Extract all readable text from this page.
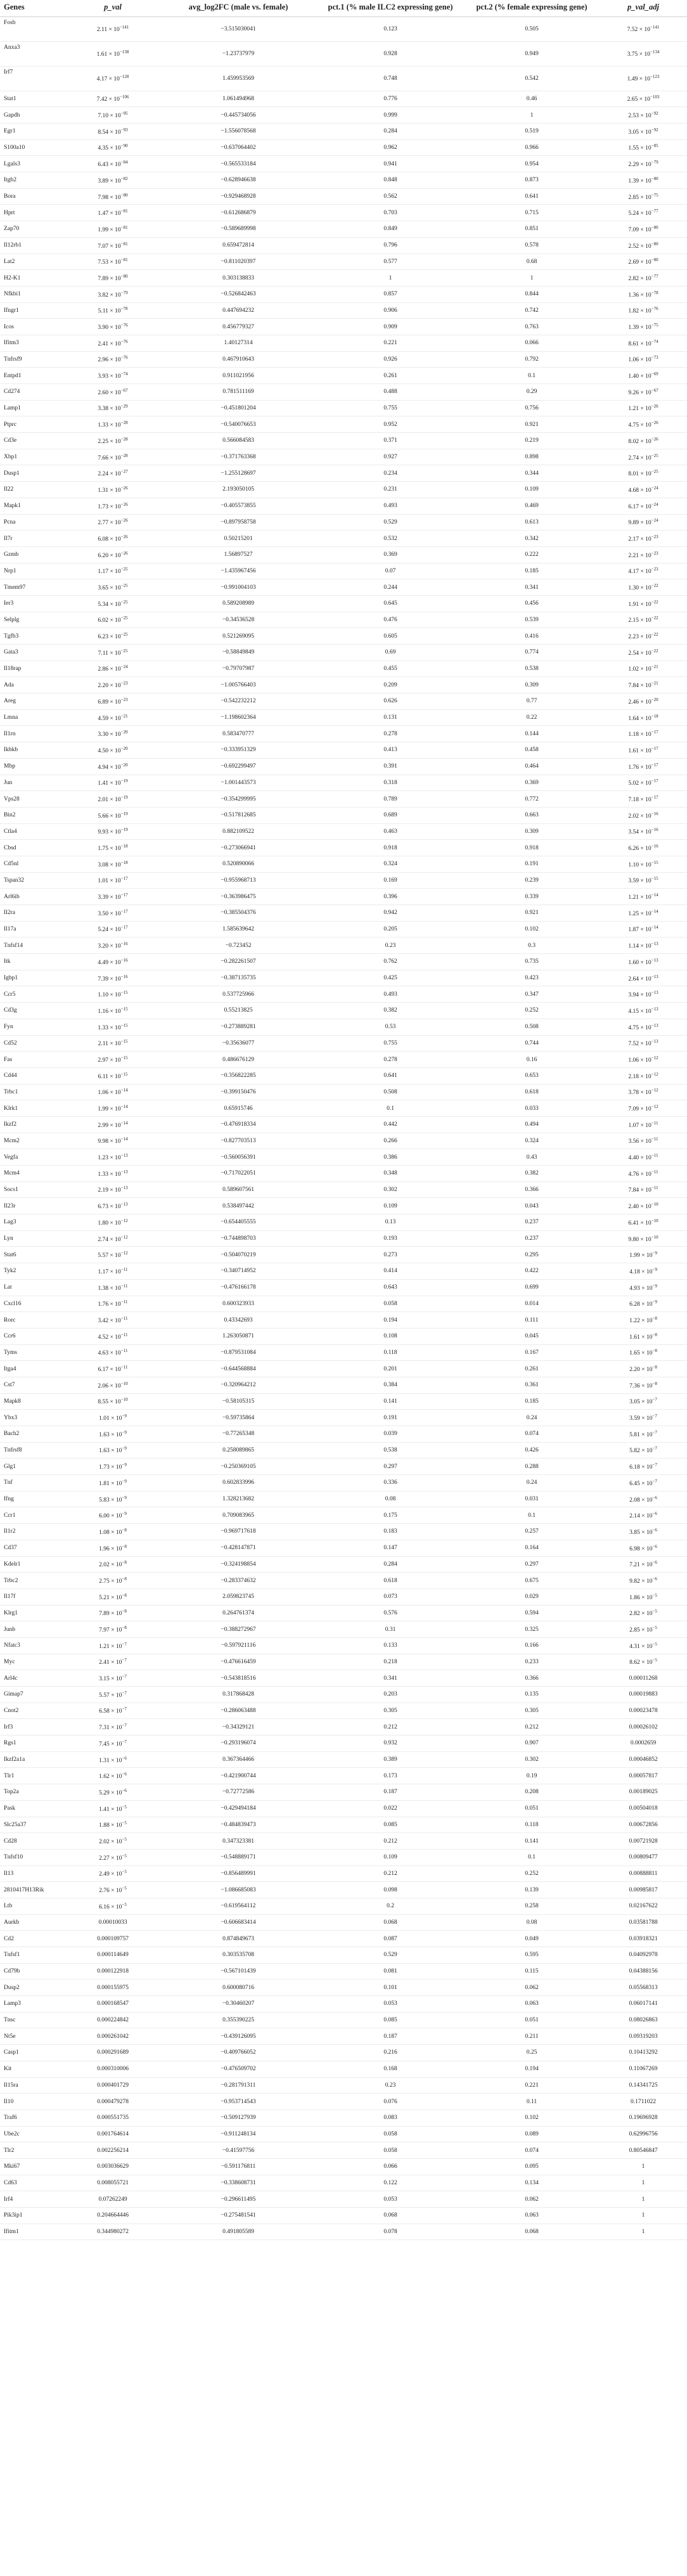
Genes	p_val	avg_log2FC (male vs. female)	pct.1 (% male ILC2 expressing gene)	pct.2 (% female expressing gene)	p_val_adj
Fosb	$2.11 \times 10^{-141}$	−3.515030041	0.123	0.505	$7.52 \times 10^{-141}$
Anxa3	$1.61 \times 10^{-138}$	−1.23737979	0.928	0.949	$3.75 \times 10^{-134}$
Irf7	$4.17 \times 10^{-128}$	1.459953569	0.748	0.542	$1.49 \times 10^{-123}$
Stat1	$7.42 \times 10^{-106}$	1.061494968	0.776	0.46	$2.65 \times 10^{-103}$
Gapdh	$7.10 \times 10^{-95}$	−0.445734056	0.999	1	$2.53 \times 10^{-92}$
Egr1	$8.54 \times 10^{-93}$	−1.556078568	0.284	0.519	$3.05 \times 10^{-92}$
S100a10	$4.35 \times 10^{-90}$	−0.637064402	0.962	0.966	$1.55 \times 10^{-85}$
Lgals3	$6.43 \times 10^{-84}$	−0.565533184	0.941	0.954	$2.29 \times 10^{-79}$
Itgb2	$3.89 \times 10^{-82}$	−0.628946638	0.848	0.873	$1.39 \times 10^{-80}$
Bora	$7.98 \times 10^{-80}$	−0.929468928	0.562	0.641	$2.85 \times 10^{-75}$
Hprt	$1.47 \times 10^{-81}$	−0.612686879	0.703	0.715	$5.24 \times 10^{-77}$
Zap70	$1.99 \times 10^{-81}$	−0.589689998	0.849	0.851	$7.09 \times 10^{-80}$
Il12rb1	$7.07 \times 10^{-81}$	0.659472814	0.796	0.578	$2.52 \times 10^{-80}$
Lat2	$7.53 \times 10^{-81}$	−0.811020397	0.577	0.68	$2.69 \times 10^{-80}$
H2-K1	$7.89 \times 10^{-80}$	0.303138833	1	1	$2.82 \times 10^{-77}$
Nfkbi1	$3.82 \times 10^{-79}$	−0.526842463	0.857	0.844	$1.36 \times 10^{-78}$
Ifngr1	$5.11 \times 10^{-78}$	0.447694232	0.906	0.742	$1.82 \times 10^{-76}$
Icos	$3.90 \times 10^{-76}$	0.456779327	0.909	0.763	$1.39 \times 10^{-75}$
Ifitm3	$2.41 \times 10^{-76}$	1.40127314	0.221	0.066	$8.61 \times 10^{-74}$
Tnfrsf9	$2.96 \times 10^{-76}$	0.467910643	0.926	0.792	$1.06 \times 10^{-73}$
Entpd1	$3.93 \times 10^{-74}$	0.911021956	0.261	0.1	$1.40 \times 10^{-69}$
Cd274	$2.60 \times 10^{-67}$	0.781511169	0.488	0.29	$9.26 \times 10^{-67}$
Lamp1	$3.38 \times 10^{-29}$	−0.451801204	0.755	0.756	$1.21 \times 10^{-26}$
Ptprc	$1.33 \times 10^{-28}$	−0.540076653	0.952	0.921	$4.75 \times 10^{-26}$
Cd3e	$2.25 \times 10^{-28}$	0.566084583	0.371	0.219	$8.02 \times 10^{-26}$
Xbp1	$7.66 \times 10^{-28}$	−0.371763368	0.927	0.898	$2.74 \times 10^{-25}$
Dusp1	$2.24 \times 10^{-27}$	−1.255128697	0.234	0.344	$8.01 \times 10^{-25}$
Il22	$1.31 \times 10^{-26}$	2.193050105	0.231	0.109	$4.68 \times 10^{-24}$
Mapk1	$1.73 \times 10^{-26}$	−0.405573855	0.493	0.469	$6.17 \times 10^{-24}$
Pcna	$2.77 \times 10^{-26}$	−0.897958758	0.529	0.613	$9.89 \times 10^{-24}$
Il7r	$6.08 \times 10^{-26}$	0.50215201	0.532	0.342	$2.17 \times 10^{-23}$
Gzmb	$6.20 \times 10^{-26}$	1.56897527	0.369	0.222	$2.21 \times 10^{-23}$
Nrp1	$1.17 \times 10^{-25}$	−1.435967456	0.07	0.185	$4.17 \times 10^{-23}$
Tmem97	$3.65 \times 10^{-25}$	−0.991004103	0.244	0.341	$1.30 \times 10^{-22}$
Ier3	$5.34 \times 10^{-25}$	0.589208989	0.645	0.456	$1.91 \times 10^{-22}$
Selplg	$6.02 \times 10^{-25}$	−0.34536528	0.476	0.539	$2.15 \times 10^{-22}$
Tgfb3	$6.23 \times 10^{-25}$	0.521269095	0.605	0.416	$2.23 \times 10^{-22}$
Gata3	$7.11 \times 10^{-25}$	−0.58849849	0.69	0.774	$2.54 \times 10^{-22}$
Il18rap	$2.86 \times 10^{-24}$	−0.79707987	0.455	0.538	$1.02 \times 10^{-21}$
Ada	$2.20 \times 10^{-23}$	−1.005766403	0.209	0.309	$7.84 \times 10^{-21}$
Areg	$6.89 \times 10^{-23}$	−0.542232212	0.626	0.77	$2.46 \times 10^{-20}$
Lmna	$4.59 \times 10^{-21}$	−1.198602364	0.131	0.22	$1.64 \times 10^{-18}$
Il1rn	$3.30 \times 10^{-20}$	0.583470777	0.278	0.144	$1.18 \times 10^{-17}$
Ikbkb	$4.50 \times 10^{-20}$	−0.333951329	0.413	0.458	$1.61 \times 10^{-17}$
Mbp	$4.94 \times 10^{-20}$	−0.692299497	0.391	0.464	$1.76 \times 10^{-17}$
Jun	$1.41 \times 10^{-19}$	−1.001443573	0.318	0.369	$5.02 \times 10^{-17}$
Vps28	$2.01 \times 10^{-19}$	−0.354299995	0.789	0.772	$7.18 \times 10^{-17}$
Bin2	$5.66 \times 10^{-19}$	−0.517812685	0.689	0.663	$2.02 \times 10^{-16}$
Ctla4	$9.93 \times 10^{-19}$	0.882109522	0.463	0.309	$3.54 \times 10^{-16}$
Cbsd	$1.75 \times 10^{-18}$	−0.273066941	0.918	0.918	$6.26 \times 10^{-16}$
Cd5nl	$3.08 \times 10^{-18}$	0.520890066	0.324	0.191	$1.10 \times 10^{-15}$
Tspan32	$1.01 \times 10^{-17}$	−0.955968713	0.169	0.239	$3.59 \times 10^{-15}$
Arl6ib	$3.39 \times 10^{-17}$	−0.363986475	0.396	0.339	$1.21 \times 10^{-14}$
Il2ra	$3.50 \times 10^{-17}$	−0.385504376	0.942	0.921	$1.25 \times 10^{-14}$
Il17a	$5.24 \times 10^{-17}$	1.585639642	0.205	0.102	$1.87 \times 10^{-14}$
Tnfsf14	$3.20 \times 10^{-16}$	−0.723452	0.23	0.3	$1.14 \times 10^{-13}$
Itk	$4.49 \times 10^{-16}$	−0.282261507	0.762	0.735	$1.60 \times 10^{-13}$
Igbp1	$7.39 \times 10^{-16}$	−0.387135735	0.425	0.423	$2.64 \times 10^{-13}$
Ccr5	$1.10 \times 10^{-15}$	0.537725966	0.493	0.347	$3.94 \times 10^{-13}$
Cd3g	$1.16 \times 10^{-15}$	0.55213825	0.382	0.252	$4.15 \times 10^{-13}$
Fyn	$1.33 \times 10^{-15}$	−0.273889281	0.53	0.508	$4.75 \times 10^{-13}$
Cd52	$2.11 \times 10^{-15}$	−0.35636077	0.755	0.744	$7.52 \times 10^{-13}$
Fas	$2.97 \times 10^{-15}$	0.486676129	0.278	0.16	$1.06 \times 10^{-12}$
Cd44	$6.11 \times 10^{-15}$	−0.356822285	0.641	0.653	$2.18 \times 10^{-12}$
Trbc1	$1.06 \times 10^{-14}$	−0.399150476	0.508	0.618	$3.78 \times 10^{-12}$
Klrk1	$1.99 \times 10^{-14}$	0.65915746	0.1	0.033	$7.09 \times 10^{-12}$
Ikzf2	$2.99 \times 10^{-14}$	−0.476918334	0.442	0.494	$1.07 \times 10^{-11}$
Mcm2	$9.98 \times 10^{-14}$	−0.827703513	0.266	0.324	$3.56 \times 10^{-11}$
Vegfa	$1.23 \times 10^{-13}$	−0.560056391	0.386	0.43	$4.40 \times 10^{-11}$
Mcm4	$1.33 \times 10^{-13}$	−0.717022051	0.348	0.382	$4.76 \times 10^{-11}$
Socs1	$2.19 \times 10^{-13}$	0.589607561	0.302	0.366	$7.84 \times 10^{-11}$
Il23r	$6.73 \times 10^{-13}$	0.538497442	0.109	0.043	$2.40 \times 10^{-10}$
Lag3	$1.80 \times 10^{-12}$	−0.654405555	0.13	0.237	$6.41 \times 10^{-10}$
Lyn	$2.74 \times 10^{-12}$	−0.744898703	0.193	0.237	$9.80 \times 10^{-10}$
Stat6	$5.57 \times 10^{-12}$	−0.504070219	0.273	0.295	$1.99 \times 10^{-9}$
Tyk2	$1.17 \times 10^{-11}$	−0.340714952	0.414	0.422	$4.18 \times 10^{-9}$
Lat	$1.38 \times 10^{-11}$	−0.476166178	0.643	0.699	$4.93 \times 10^{-9}$
Cxcl16	$1.76 \times 10^{-11}$	0.600323933	0.058	0.014	$6.28 \times 10^{-9}$
Rorc	$3.42 \times 10^{-11}$	0.43342693	0.194	0.111	$1.22 \times 10^{-8}$
Ccr6	$4.52 \times 10^{-11}$	1.263050871	0.108	0.045	$1.61 \times 10^{-8}$
Tyms	$4.63 \times 10^{-11}$	−0.879531084	0.118	0.167	$1.65 \times 10^{-8}$
Itga4	$6.17 \times 10^{-11}$	−0.644568884	0.201	0.261	$2.20 \times 10^{-8}$
Cst7	$2.06 \times 10^{-10}$	−0.320964212	0.384	0.361	$7.36 \times 10^{-8}$
Mapk8	$8.55 \times 10^{-10}$	−0.58105315	0.141	0.185	$3.05 \times 10^{-7}$
Ybx3	$1.01 \times 10^{-9}$	−0.59735864	0.191	0.24	$3.59 \times 10^{-7}$
Bach2	$1.63 \times 10^{-9}$	−0.77265348	0.039	0.074	$5.81 \times 10^{-7}$
Tnfrsf8	$1.63 \times 10^{-9}$	0.258089865	0.538	0.426	$5.82 \times 10^{-7}$
Glg1	$1.73 \times 10^{-9}$	−0.250369105	0.297	0.288	$6.18 \times 10^{-7}$
Tnf	$1.81 \times 10^{-9}$	0.602833996	0.336	0.24	$6.45 \times 10^{-7}$
Ifng	$5.83 \times 10^{-9}$	1.328213682	0.08	0.031	$2.08 \times 10^{-6}$
Ccr1	$6.00 \times 10^{-9}$	0.709083965	0.175	0.1	$2.14 \times 10^{-6}$
Il1r2	$1.08 \times 10^{-8}$	−0.969717618	0.183	0.257	$3.85 \times 10^{-6}$
Cd37	$1.96 \times 10^{-8}$	−0.428147871	0.147	0.164	$6.98 \times 10^{-6}$
Kdelr1	$2.02 \times 10^{-8}$	−0.324198854	0.284	0.297	$7.21 \times 10^{-6}$
Trbc2	$2.75 \times 10^{-8}$	−0.283374632	0.618	0.675	$9.82 \times 10^{-6}$
Il17f	$5.21 \times 10^{-8}$	2.059823745	0.073	0.029	$1.86 \times 10^{-5}$
Klrg1	$7.89 \times 10^{-8}$	0.264761374	0.576	0.594	$2.82 \times 10^{-5}$
Junb	$7.97 \times 10^{-8}$	−0.388272967	0.31	0.325	$2.85 \times 10^{-5}$
Nfatc3	$1.21 \times 10^{-7}$	−0.597921116	0.133	0.166	$4.31 \times 10^{-5}$
Myc	$2.41 \times 10^{-7}$	−0.476616459	0.218	0.233	$8.62 \times 10^{-5}$
Arl4c	$3.15 \times 10^{-7}$	−0.543818516	0.341	0.366	0.00011268
Gimap7	$5.57 \times 10^{-7}$	0.317868428	0.203	0.135	0.00019883
Cnot2	$6.58 \times 10^{-7}$	−0.286063488	0.305	0.305	0.00023478
Irf3	$7.31 \times 10^{-7}$	−0.34329121	0.212	0.212	0.00026102
Rgs1	$7.45 \times 10^{-7}$	−0.293196074	0.932	0.907	0.0002659
Ikzf2a1a	$1.31 \times 10^{-6}$	0.367364466	0.389	0.302	0.00046852
Tlr1	$1.62 \times 10^{-6}$	−0.421900744	0.173	0.19	0.00057817
Top2a	$5.29 \times 10^{-6}$	−0.72772586	0.187	0.208	0.00189025
Pask	$1.41 \times 10^{-5}$	−0.429494184	0.022	0.051	0.00504018
Slc25a37	$1.88 \times 10^{-5}$	−0.484839473	0.085	0.118	0.00672856
Cd28	$2.02 \times 10^{-5}$	0.347323381	0.212	0.141	0.00721928
Tnfsf10	$2.27 \times 10^{-5}$	−0.548889171	0.109	0.1	0.00809477
Il13	$2.49 \times 10^{-5}$	−0.856489991	0.212	0.252	0.00888811
2810417H13Rik	$2.76 \times 10^{-5}$	−1.086685083	0.098	0.139	0.00985817
Ltb	$6.16 \times 10^{-5}$	−0.619564112	0.2	0.258	0.02167622
Aurkb	0.00010033	−0.606683414	0.068	0.08	0.03581788
Cd2	0.000109757	0.874849673	0.087	0.049	0.03918321
Tnfsf1	0.000114649	0.303535708	0.529	0.595	0.04092978
Cd79b	0.000122918	−0.567101439	0.081	0.115	0.04388156
Dusp2	0.000155975	0.600080716	0.101	0.062	0.05568313
Lamp3	0.000168547	−0.30460207	0.053	0.063	0.06017141
Tnsc	0.000224842	0.355390225	0.085	0.051	0.08026863
Nt5e	0.000261042	−0.439126095	0.187	0.211	0.09319203
Casp1	0.000291689	−0.409766052	0.216	0.25	0.10413292
Kit	0.000310006	−0.476509702	0.168	0.194	0.11067269
Il15ra	0.000401729	−0.281791311	0.23	0.221	0.14341725
Il10	0.000479278	−0.953714543	0.076	0.11	0.1711022
Traf6	0.000551735	−0.509127939	0.083	0.102	0.19696928
Ube2c	0.001764614	−0.911248134	0.058	0.089	0.62996756
Tlr2	0.002256214	−0.41597756	0.058	0.074	0.80546847
Mki67	0.003036629	−0.591176811	0.066	0.095	1
Cd63	0.008055721	−0.338608731	0.122	0.134	1
Irf4	0.07262249	−0.296611495	0.053	0.062	1
Pik3ip1	0.204664446	−0.275481541	0.068	0.063	1
Ifitm1	0.344980272	0.491805589	0.078	0.068	1
